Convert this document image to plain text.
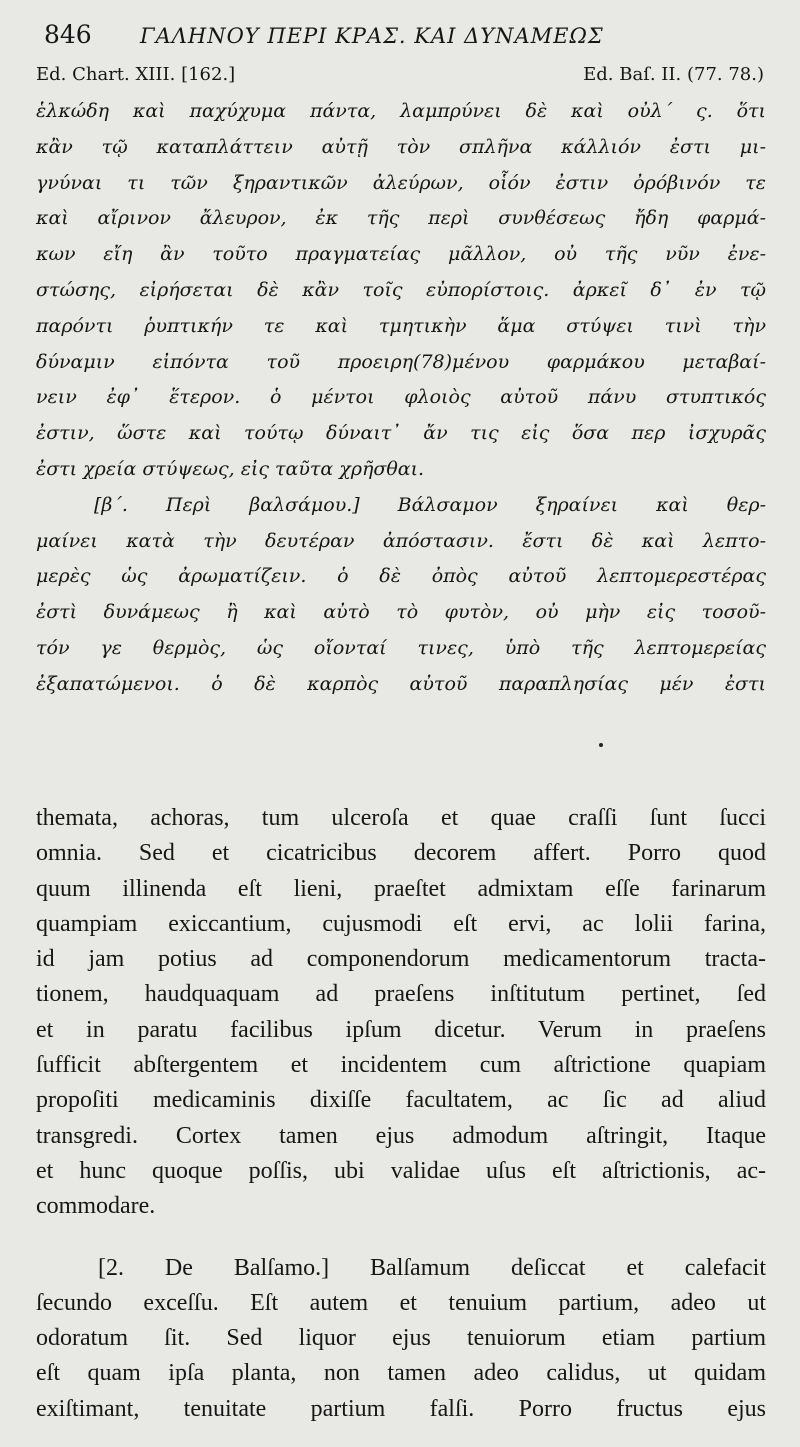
846	ΓΑΛΗΝΟΥ ΠΕΡΙ ΚΡΑΣ. ΚΑΙ ΔΥΝΑΜΕΩΣ
Ed. Chart. XIII. [162.]	Ed. Baſ. II. (77. 78.)
ἑλκώδη καὶ παχύχυμα πάντα, λαμπρύνει δὲ καὶ οὐλ΄ ς. ὅτι
κἂν τῷ καταπλάττειν αὐτῇ τὸν σπλῆνα κάλλιόν ἐστι μι-
γνύναι τι τῶν ξηραντικῶν ἀλεύρων, οἷόν ἐστιν ὀρόβινόν τε
καὶ αἴρινον ἄλευρον, ἐκ τῆς περὶ συνθέσεως ἤδη φαρμά-
κων εἴη ἂν τοῦτο πραγματείας μᾶλλον, οὐ τῆς νῦν ἐνε-
στώσης, εἰρήσεται δὲ κἂν τοῖς εὐπορίστοις. ἀρκεῖ δ᾽ ἐν τῷ
παρόντι ῥυπτικήν τε καὶ τμητικὴν ἅμα στύψει τινὶ τὴν
δύναμιν εἰπόντα τοῦ προειρη(78)μένου φαρμάκου μεταβαί-
νειν ἐφ᾽ ἕτερον. ὁ μέντοι φλοιὸς αὐτοῦ πάνυ στυπτικός
ἐστιν, ὥστε καὶ τούτῳ δύναιτ᾽ ἄν τις εἰς ὅσα περ ἰσχυρᾶς
ἐστι χρεία στύψεως, εἰς ταῦτα χρῆσθαι.
[β΄. Περὶ βαλσάμου.] Βάλσαμον ξηραίνει καὶ θερ-
μαίνει κατὰ τὴν δευτέραν ἀπόστασιν. ἔστι δὲ καὶ λεπτο-
μερὲς ὡς ἀρωματίζειν. ὁ δὲ ὀπὸς αὐτοῦ λεπτομερεστέρας
ἐστὶ δυνάμεως ἢ καὶ αὐτὸ τὸ φυτὸν, οὐ μὴν εἰς τοσοῦ-
τόν γε θερμὸς, ὡς οἴονταί τινες, ὑπὸ τῆς λεπτομερείας
ἐξαπατώμενοι. ὁ δὲ καρπὸς αὐτοῦ παραπλησίας μέν ἐστι
themata, achoras, tum ulceroſa et quae craſſi ſunt ſucci
omnia. Sed et cicatricibus decorem affert. Porro quod
quum illinenda eſt lieni, praeſtet admixtam eſſe farinarum
quampiam exiccantium, cujusmodi eſt ervi, ac lolii farina,
id jam potius ad componendorum medicamentorum tracta-
tionem, haudquaquam ad praeſens inſtitutum pertinet, ſed
et in paratu facilibus ipſum dicetur. Verum in praeſens
ſufficit abſtergentem et incidentem cum aſtrictione quapiam
propoſiti medicaminis dixiſſe facultatem, ac ſic ad aliud
transgredi. Cortex tamen ejus admodum aſtringit, Itaque
et hunc quoque poſſis, ubi validae uſus eſt aſtrictionis, ac-
commodare.
[2. De Balſamo.] Balſamum deſiccat et calefacit
ſecundo exceſſu. Eſt autem et tenuium partium, adeo ut
odoratum ſit. Sed liquor ejus tenuiorum etiam partium
eſt quam ipſa planta, non tamen adeo calidus, ut quidam
exiſtimant, tenuitate partium falſi. Porro fructus ejus
